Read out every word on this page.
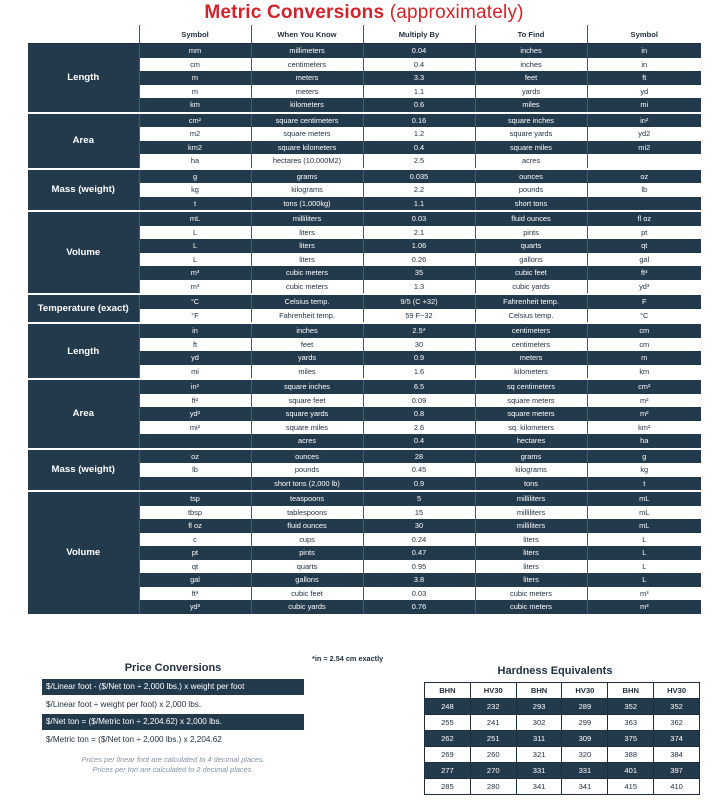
Metric Conversions (approximately)
	Symbol	When You Know	Multiply By	To Find	Symbol
Length	mm	millimeters	0.04	inches	in
	cm	centimeters	0.4	inches	in
	m	meters	3.3	feet	ft
	m	meters	1.1	yards	yd
	km	kilometers	0.6	miles	mi
Area	cm²	square centimeters	0.16	square inches	in²
	m2	square meters	1.2	square yards	yd2
	km2	square kilometers	0.4	square miles	mi2
	ha	hectares (10,000M2)	2.5	acres	
Mass (weight)	g	grams	0.035	ounces	oz
	kg	kilograms	2.2	pounds	lb
	t	tons (1,000kg)	1.1	short tons	
Volume	mL	milliliters	0.03	fluid ounces	fl oz
	L	liters	2.1	pints	pt
	L	liters	1.06	quarts	qt
	L	liters	0.26	gallons	gal
	m³	cubic meters	35	cubic feet	ft³
	m³	cubic meters	1.3	cubic yards	yd³
Temperature (exact)	°C	Celsius temp.	9/5 (C +32)	Fahrenheit temp.	F
	°F	Fahrenheit temp.	59 F−32	Celsius temp.	°C
Length	in	inches	2.5*	centimeters	cm
	ft	feet	30	centimeters	cm
	yd	yards	0.9	meters	m
	mi	miles	1.6	kilometers	km
Area	in²	square inches	6.5	sq centimeters	cm²
	ft²	square feet	0.09	square meters	m²
	yd²	square yards	0.8	square meters	m²
	mi²	square miles	2.6	sq. kilometers	km²
		acres	0.4	hectares	ha
Mass (weight)	oz	ounces	28	grams	g
	lb	pounds	0.45	kilograms	kg
		short tons (2,000 lb)	0.9	tons	t
Volume	tsp	teaspoons	5	milliliters	mL
	tbsp	tablespoons	15	milliliters	mL
	fl oz	fluid ounces	30	milliliters	mL
	c	cups	0.24	liters	L
	pt	pints	0.47	liters	L
	qt	quarts	0.95	liters	L
	gal	gallons	3.8	liters	L
	ft³	cubic feet	0.03	cubic meters	m³
	yd³	cubic yards	0.76	cubic meters	m³
*in = 2.54 cm exactly
Price Conversions
$/Linear foot - ($/Net ton ÷ 2,000 lbs.) x weight per foot
$/Linear foot ÷ weight per foot) x 2,000 lbs.
$/Net ton = ($/Metric ton ÷ 2,204.62) x 2,000 lbs.
$/Metric ton = ($/Net ton ÷ 2,000 lbs.) x 2,204.62
Prices per linear foot are calculated to 4 decimal places.
Prices per ton are calculated to 2 decimal places.
Hardness Equivalents
BHN	HV30	BHN	HV30	BHN	HV30
248	232	293	289	352	352
255	241	302	299	363	362
262	251	311	309	375	374
269	260	321	320	388	384
277	270	331	331	401	397
285	280	341	341	415	410
